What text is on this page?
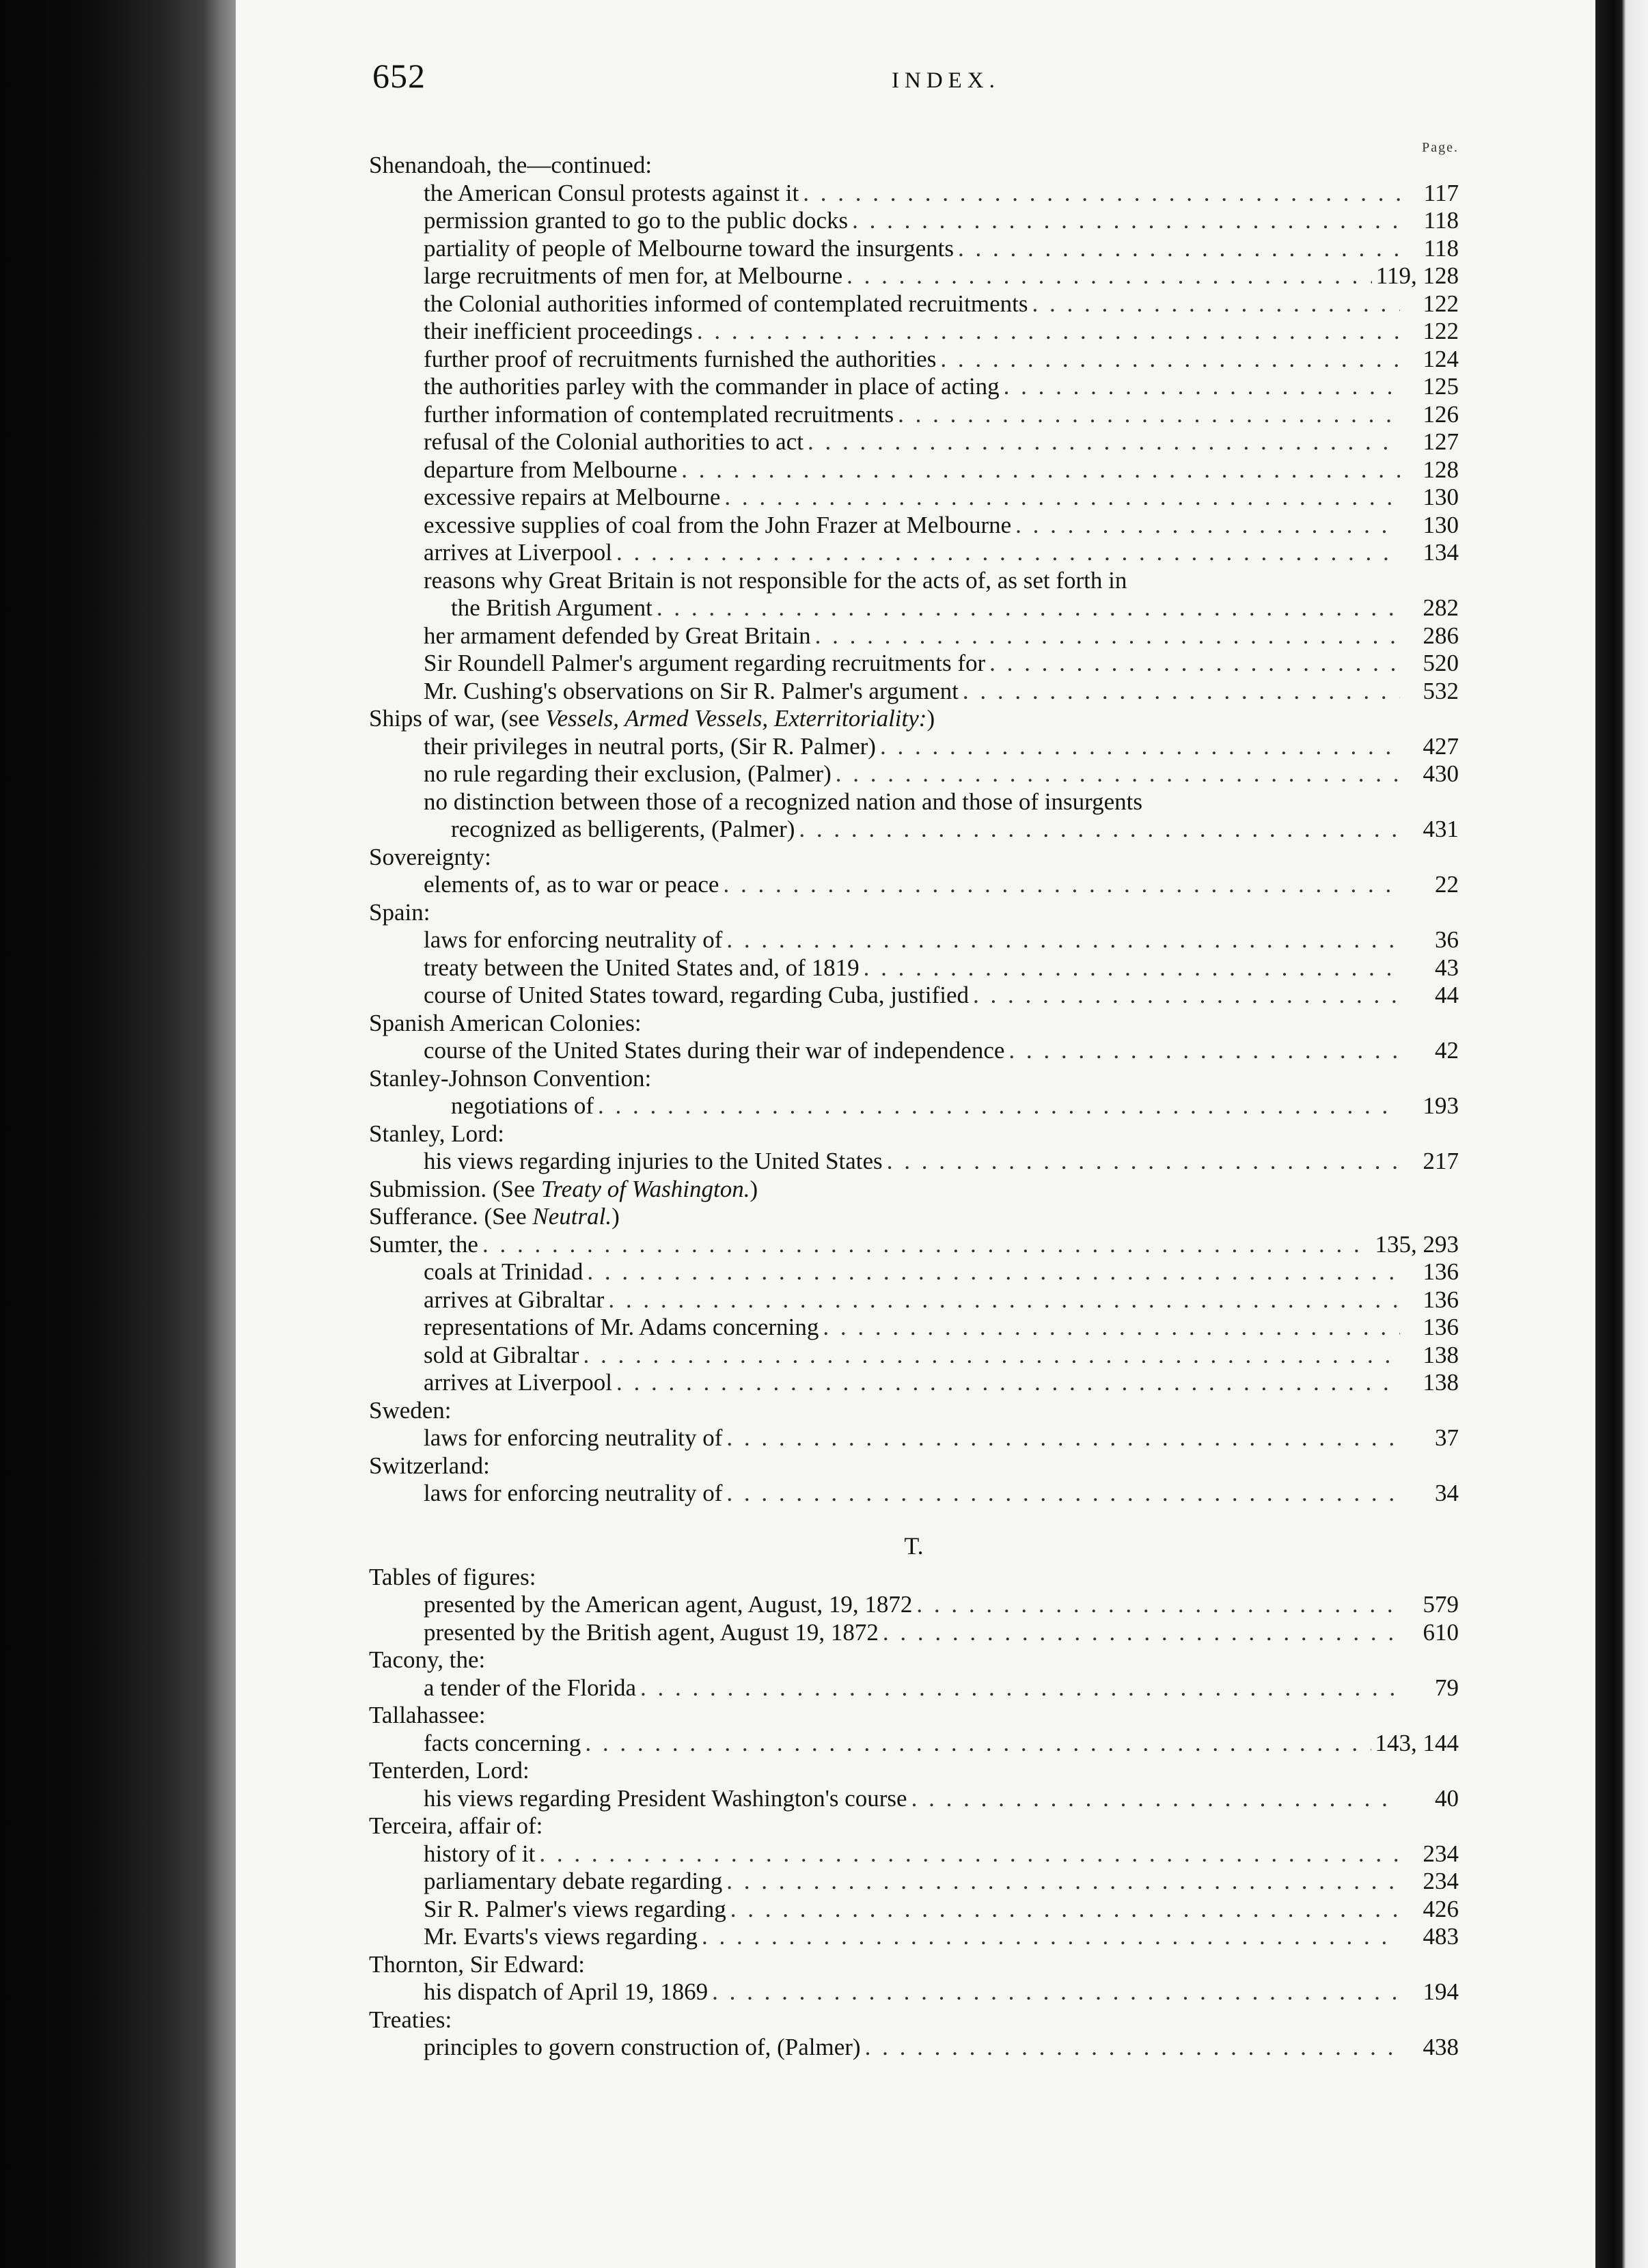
652	INDEX.
Page.
Shenandoah, the—continued:
the American Consul protests against it . . .	117
permission granted to go to the public docks . . .	118
partiality of people of Melbourne toward the insurgents . . .	118
large recruitments of men for, at Melbourne . . .	119, 128
the Colonial authorities informed of contemplated recruitments . . .	122
their inefficient proceedings . . .	122
further proof of recruitments furnished the authorities . . .	124
the authorities parley with the commander in place of acting . . .	125
further information of contemplated recruitments . . .	126
refusal of the Colonial authorities to act . . .	127
departure from Melbourne . . .	128
excessive repairs at Melbourne . . .	130
excessive supplies of coal from the John Frazer at Melbourne . . .	130
arrives at Liverpool . . .	134
reasons why Great Britain is not responsible for the acts of, as set forth in
the British Argument . . .	282
her armament defended by Great Britain . . .	286
Sir Roundell Palmer's argument regarding recruitments for . . .	520
Mr. Cushing's observations on Sir R. Palmer's argument . . .	532
Ships of war, (see Vessels, Armed Vessels, Exterritoriality:)
their privileges in neutral ports, (Sir R. Palmer) . . .	427
no rule regarding their exclusion, (Palmer) . . .	430
no distinction between those of a recognized nation and those of insurgents
recognized as belligerents, (Palmer) . . .	431
Sovereignty:
elements of, as to war or peace . . .	22
Spain:
laws for enforcing neutrality of . . .	36
treaty between the United States and, of 1819 . . .	43
course of United States toward, regarding Cuba, justified . . .	44
Spanish American Colonies:
course of the United States during their war of independence . . .	42
Stanley-Johnson Convention:
negotiations of . . .	193
Stanley, Lord:
his views regarding injuries to the United States . . .	217
Submission. (See Treaty of Washington.)
Sufferance. (See Neutral.)
Sumter, the . . .	135, 293
coals at Trinidad . . .	136
arrives at Gibraltar . . .	136
representations of Mr. Adams concerning . . .	136
sold at Gibraltar . . .	138
arrives at Liverpool . . .	138
Sweden:
laws for enforcing neutrality of . . .	37
Switzerland:
laws for enforcing neutrality of . . .	34
T.
Tables of figures:
presented by the American agent, August, 19, 1872 . . .	579
presented by the British agent, August 19, 1872 . . .	610
Tacony, the:
a tender of the Florida . . .	79
Tallahassee:
facts concerning . . .	143, 144
Tenterden, Lord:
his views regarding President Washington's course . . .	40
Terceira, affair of:
history of it . . .	234
parliamentary debate regarding . . .	234
Sir R. Palmer's views regarding . . .	426
Mr. Evarts's views regarding . . .	483
Thornton, Sir Edward:
his dispatch of April 19, 1869 . . .	194
Treaties:
principles to govern construction of, (Palmer) . . .	438
